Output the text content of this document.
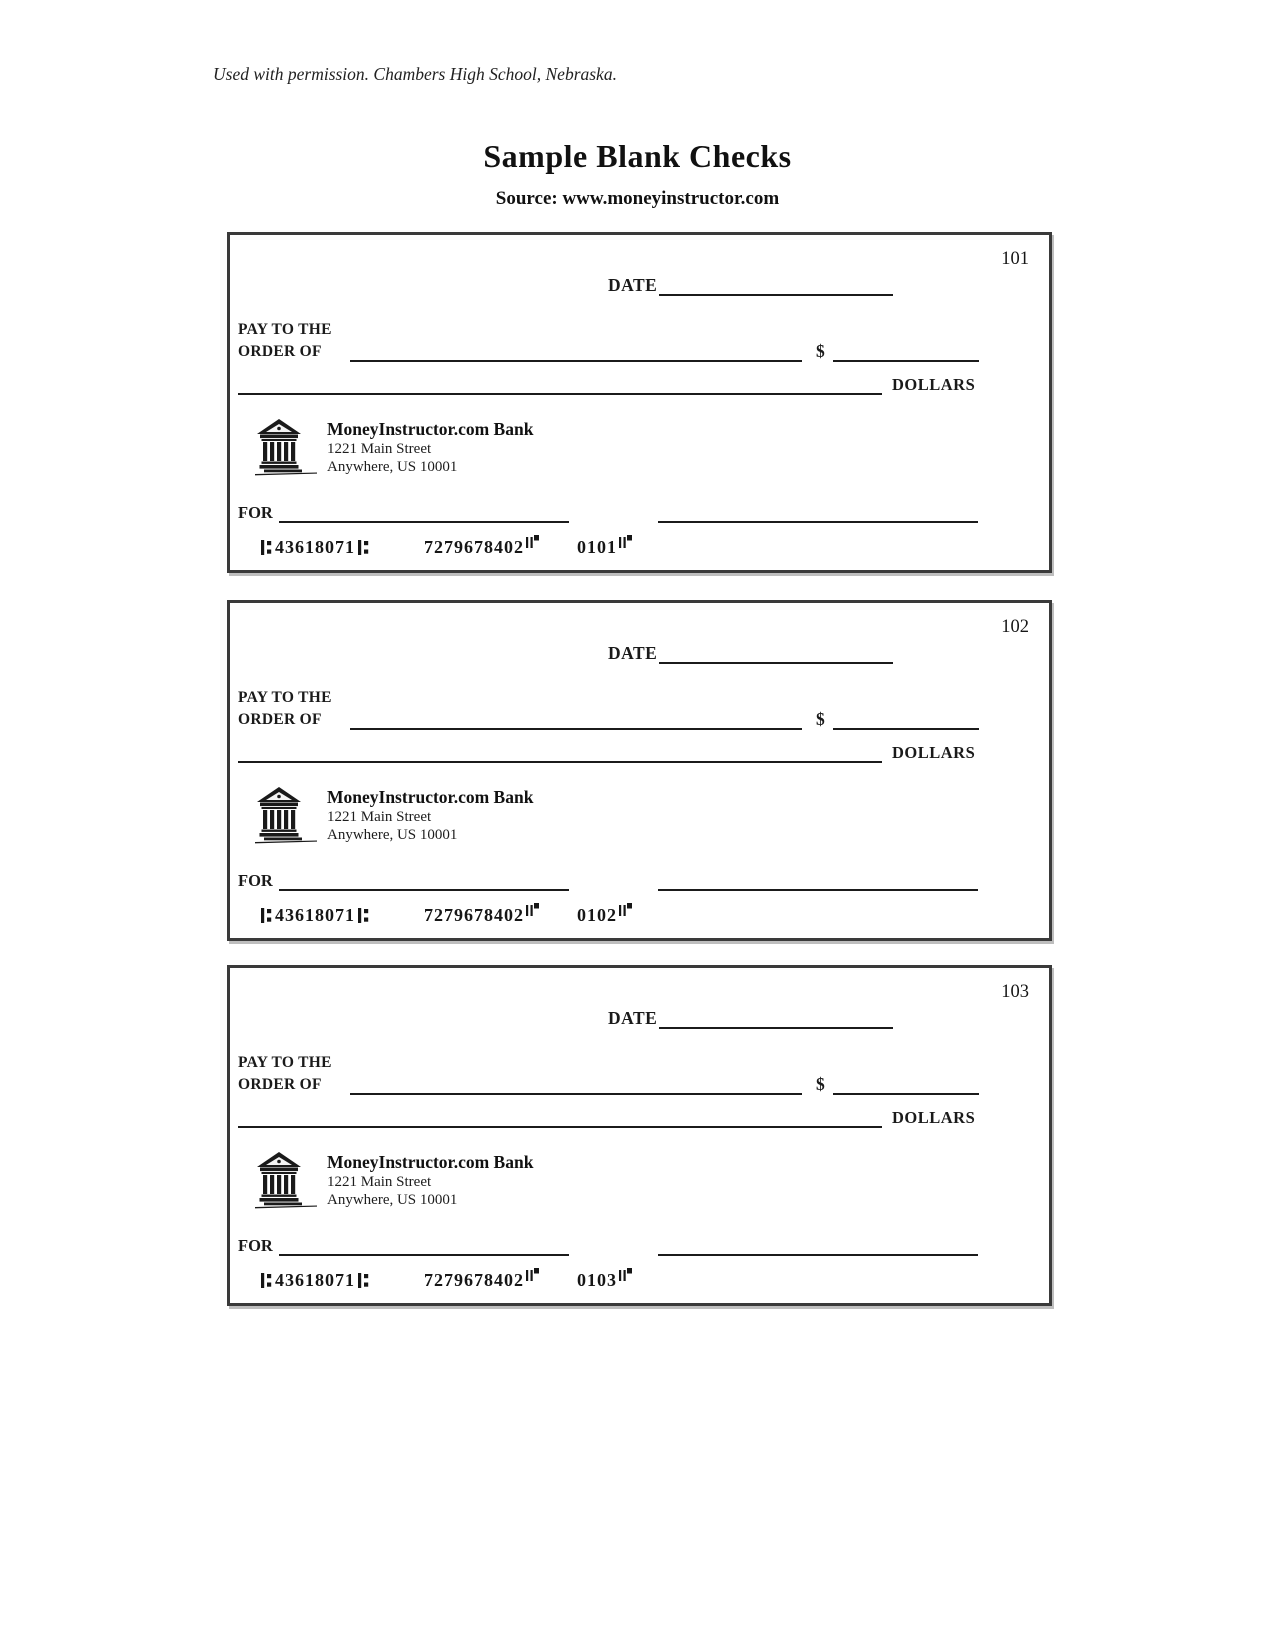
Used with permission. Chambers High School, Nebraska.

Sample Blank Checks
Source: www.moneyinstructor.com
101
DATE
PAY TO THE
ORDER OF	$
DOLLARS
MoneyInstructor.com Bank
1221 Main Street
Anywhere, US 10001
FOR
43618071	7279678402	0101
102
DATE
PAY TO THE
ORDER OF	$
DOLLARS
MoneyInstructor.com Bank
1221 Main Street
Anywhere, US 10001
FOR
43618071	7279678402	0102
103
DATE
PAY TO THE
ORDER OF	$
DOLLARS
MoneyInstructor.com Bank
1221 Main Street
Anywhere, US 10001
FOR
43618071	7279678402	0103
